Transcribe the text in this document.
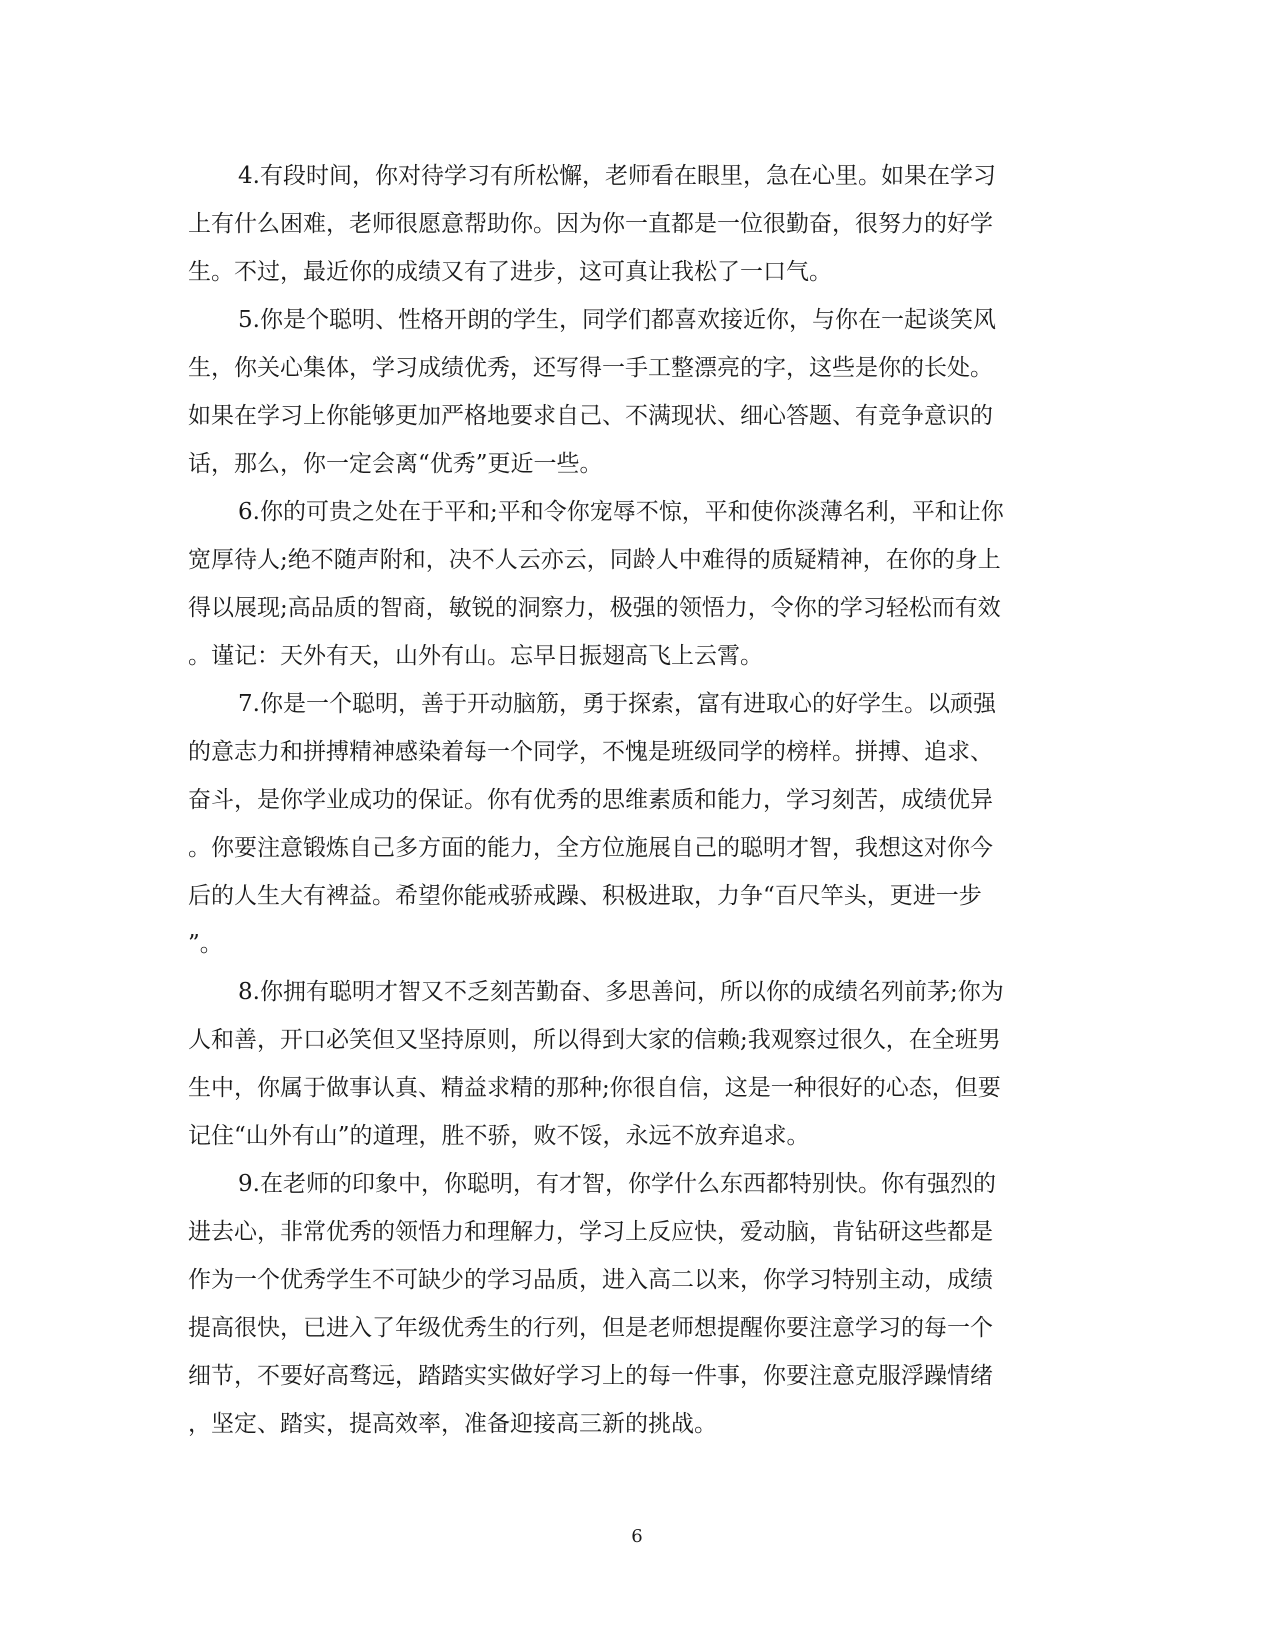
4.有段时间，你对待学习有所松懈，老师看在眼里，急在心里。如果在学习
上有什么困难，老师很愿意帮助你。因为你一直都是一位很勤奋，很努力的好学
生。不过，最近你的成绩又有了进步，这可真让我松了一口气。
5.你是个聪明、性格开朗的学生，同学们都喜欢接近你，与你在一起谈笑风
生，你关心集体，学习成绩优秀，还写得一手工整漂亮的字，这些是你的长处。
如果在学习上你能够更加严格地要求自己、不满现状、细心答题、有竞争意识的
话，那么，你一定会离“优秀”更近一些。
6.你的可贵之处在于平和;平和令你宠辱不惊，平和使你淡薄名利，平和让你
宽厚待人;绝不随声附和，决不人云亦云，同龄人中难得的质疑精神，在你的身上
得以展现;高品质的智商，敏锐的洞察力，极强的领悟力，令你的学习轻松而有效
。谨记：天外有天，山外有山。忘早日振翅高飞上云霄。
7.你是一个聪明，善于开动脑筋，勇于探索，富有进取心的好学生。以顽强
的意志力和拼搏精神感染着每一个同学，不愧是班级同学的榜样。拼搏、追求、
奋斗，是你学业成功的保证。你有优秀的思维素质和能力，学习刻苦，成绩优异
。你要注意锻炼自己多方面的能力，全方位施展自己的聪明才智，我想这对你今
后的人生大有裨益。希望你能戒骄戒躁、积极进取，力争“百尺竿头，更进一步
”。
8.你拥有聪明才智又不乏刻苦勤奋、多思善问，所以你的成绩名列前茅;你为
人和善，开口必笑但又坚持原则，所以得到大家的信赖;我观察过很久，在全班男
生中，你属于做事认真、精益求精的那种;你很自信，这是一种很好的心态，但要
记住“山外有山”的道理，胜不骄，败不馁，永远不放弃追求。
9.在老师的印象中，你聪明，有才智，你学什么东西都特别快。你有强烈的
进去心，非常优秀的领悟力和理解力，学习上反应快，爱动脑，肯钻研这些都是
作为一个优秀学生不可缺少的学习品质，进入高二以来，你学习特别主动，成绩
提高很快，已进入了年级优秀生的行列，但是老师想提醒你要注意学习的每一个
细节，不要好高骛远，踏踏实实做好学习上的每一件事，你要注意克服浮躁情绪
，坚定、踏实，提高效率，准备迎接高三新的挑战。
6
